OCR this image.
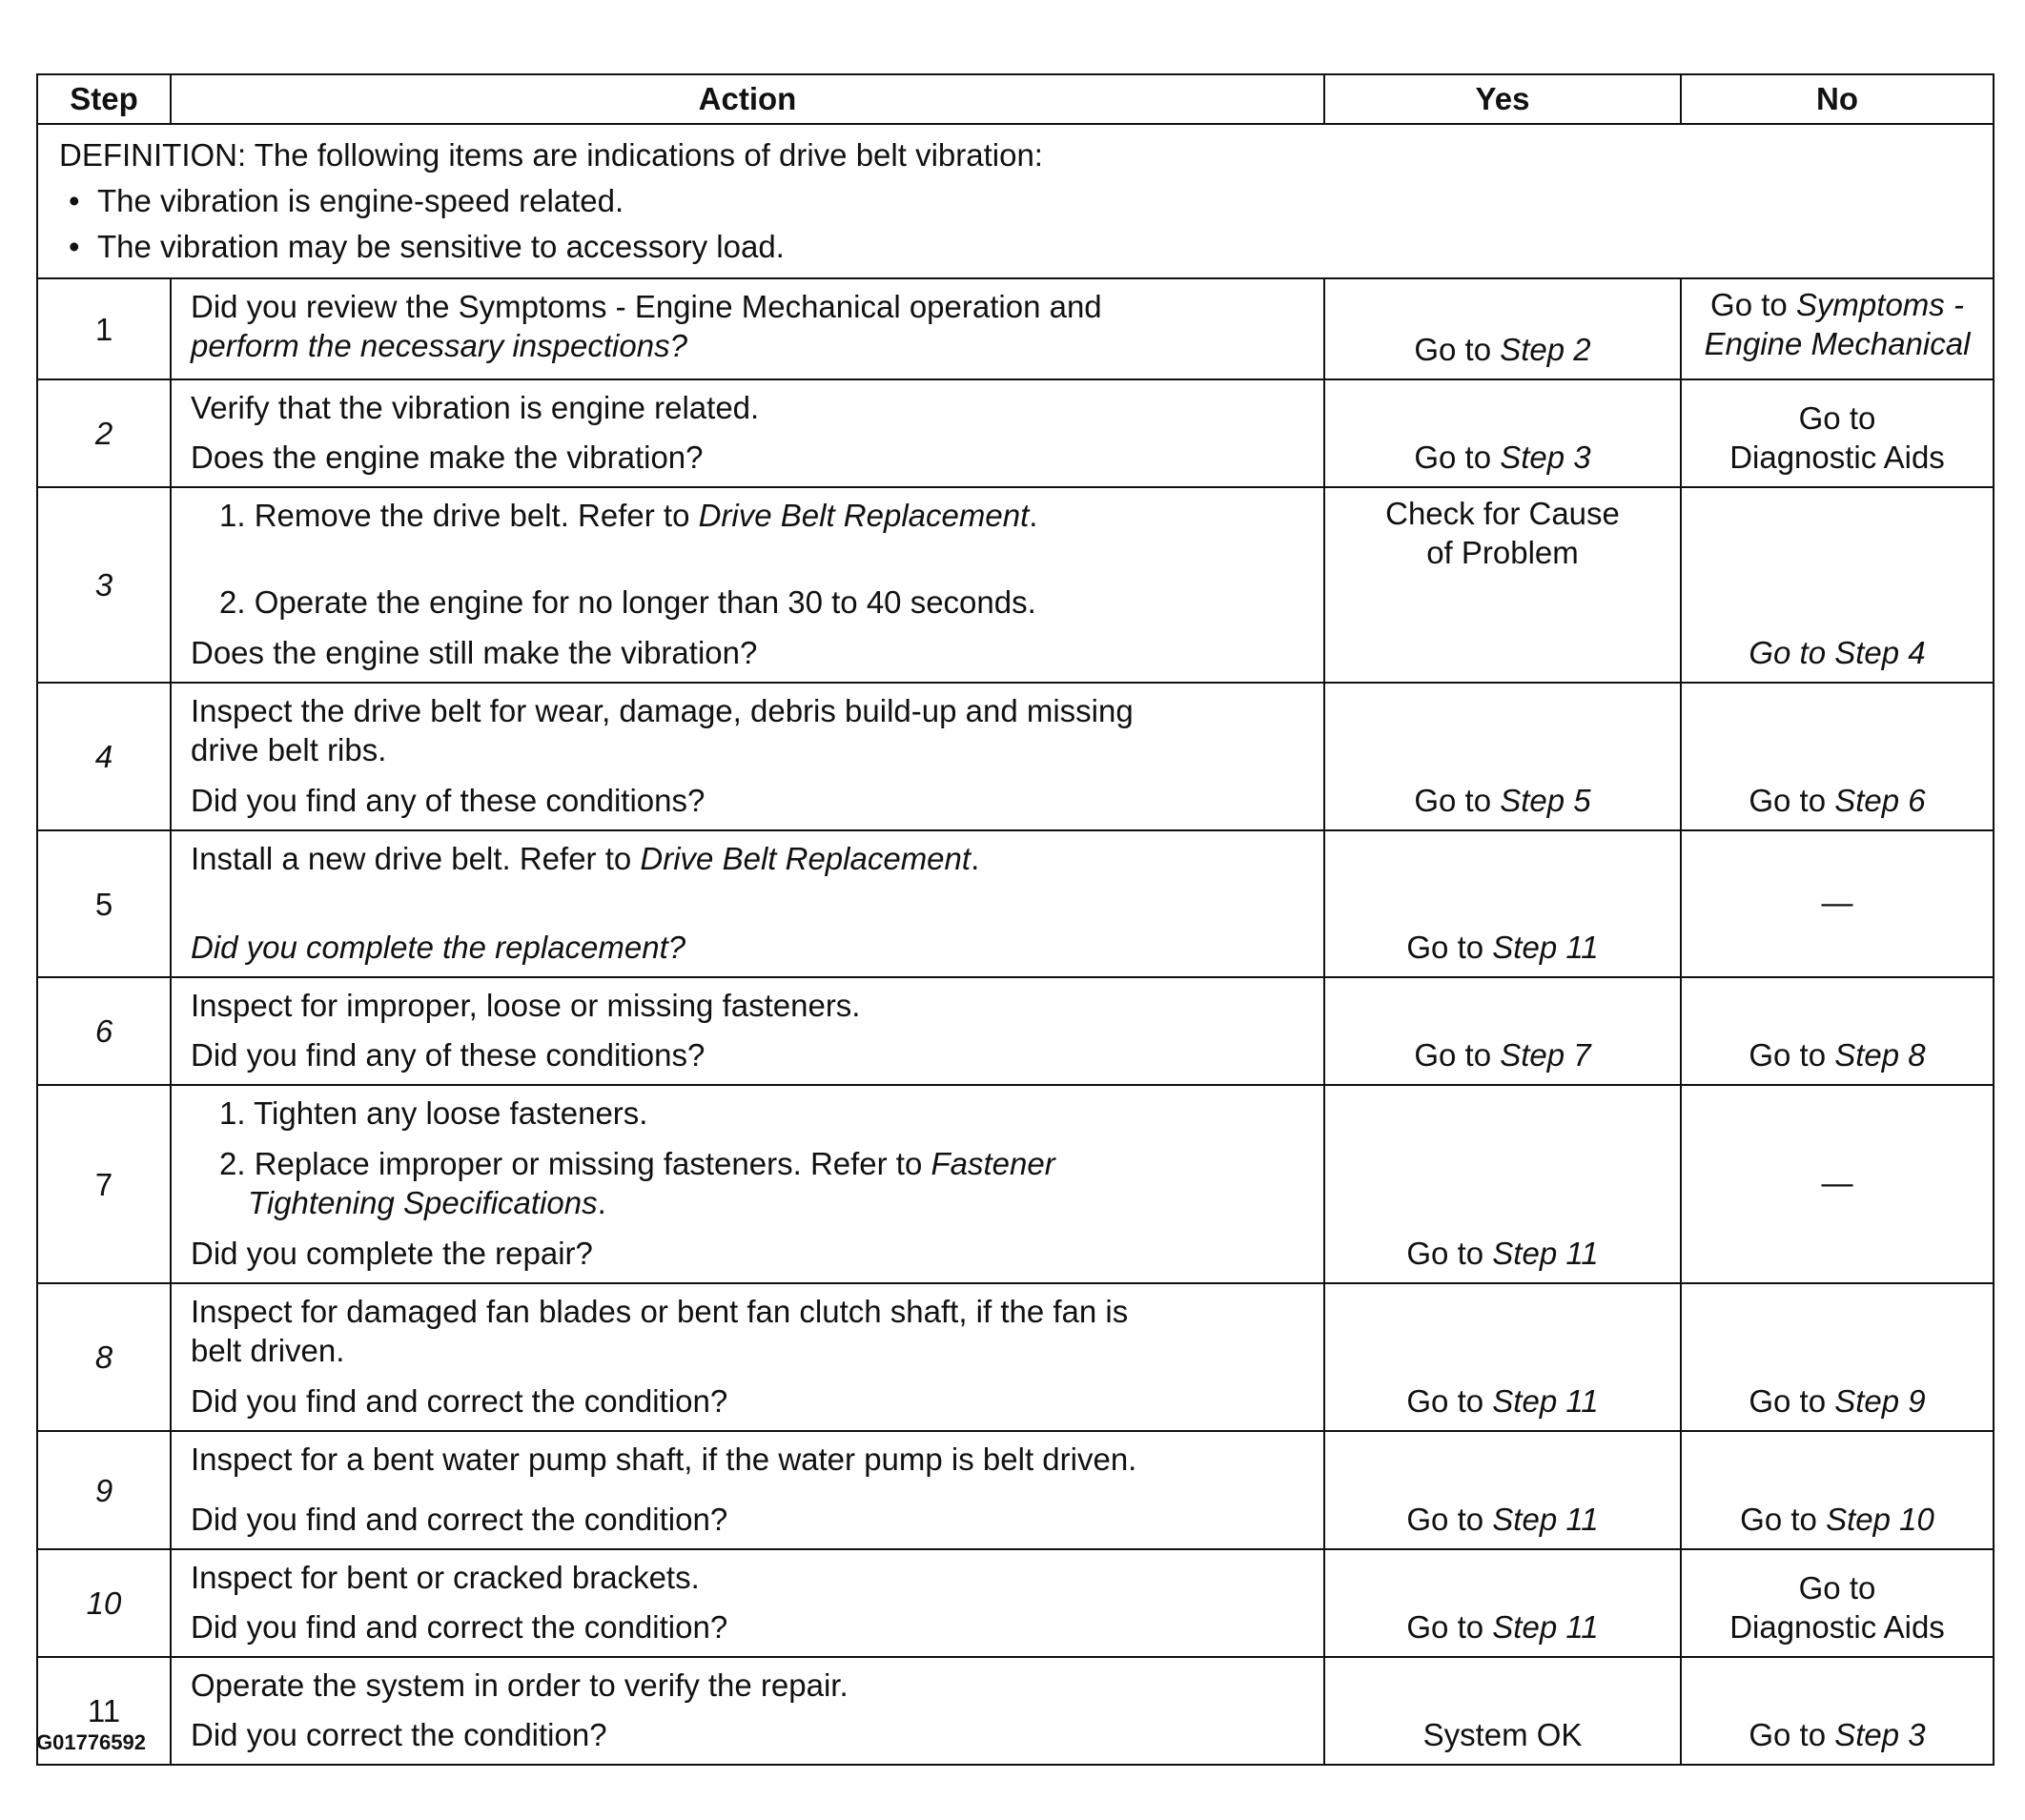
Step	Action	Yes	No

DEFINITION: The following items are indications of drive belt vibration:
• The vibration is engine-speed related.
• The vibration may be sensitive to accessory load.

1	Did you review the Symptoms - Engine Mechanical operation and
perform the necessary inspections?	Go to Step 2	Go to Symptoms -
Engine Mechanical

2	Verify that the vibration is engine related.
Does the engine make the vibration?	Go to Step 3	Go to
Diagnostic Aids

3	1. Remove the drive belt. Refer to Drive Belt Replacement.
2. Operate the engine for no longer than 30 to 40 seconds.
Does the engine still make the vibration?	Check for Cause
of Problem	Go to Step 4
4	Inspect the drive belt for wear, damage, debris build-up and missing
drive belt ribs.
Did you find any of these conditions?	Go to Step 5	Go to Step 6
5	Install a new drive belt. Refer to Drive Belt Replacement.
Did you complete the replacement?	Go to Step 11	—
6	Inspect for improper, loose or missing fasteners.
Did you find any of these conditions?	Go to Step 7	Go to Step 8
7	1. Tighten any loose fasteners.
2. Replace improper or missing fasteners. Refer to Fastener
Tightening Specifications.
Did you complete the repair?	Go to Step 11	—
8	Inspect for damaged fan blades or bent fan clutch shaft, if the fan is
belt driven.
Did you find and correct the condition?	Go to Step 11	Go to Step 9
9	Inspect for a bent water pump shaft, if the water pump is belt driven.
Did you find and correct the condition?	Go to Step 11	Go to Step 10
10	Inspect for bent or cracked brackets.
Did you find and correct the condition?	Go to Step 11	Go to
Diagnostic Aids

11	Operate the system in order to verify the repair.
Did you correct the condition?	System OK	Go to Step 3
G01776592
